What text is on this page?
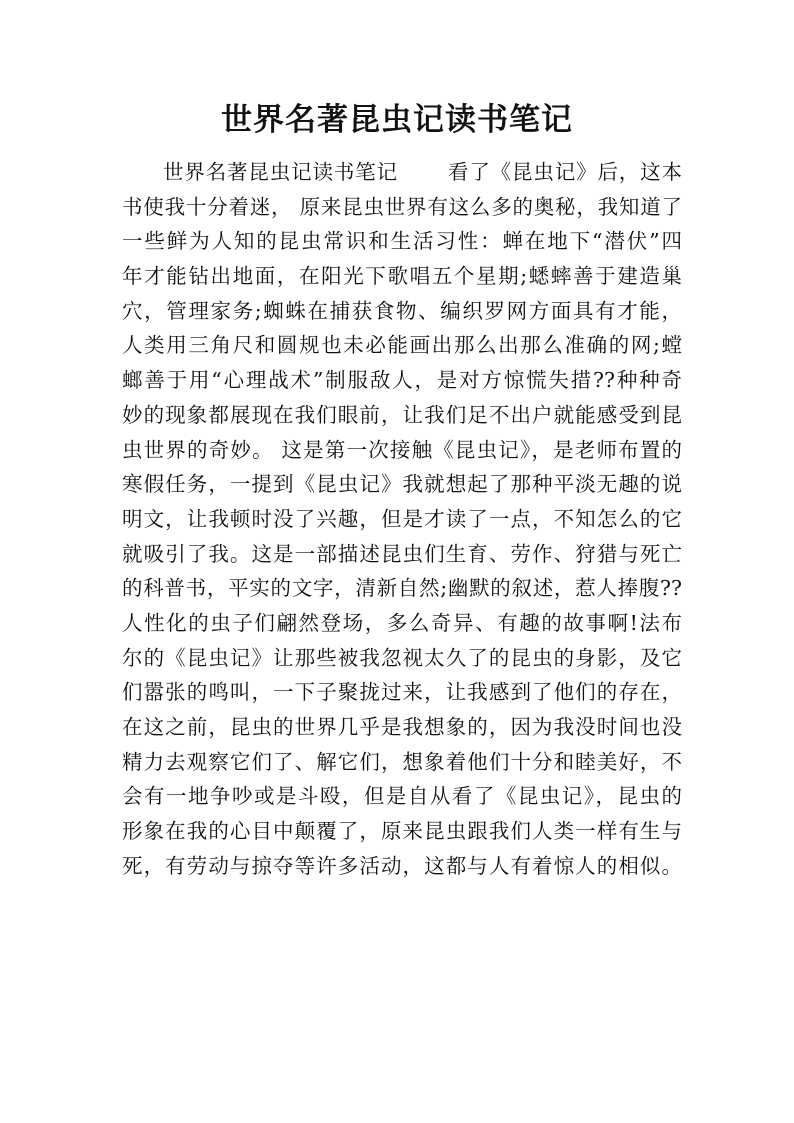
世界名著昆虫记读书笔记
世界名著昆虫记读书笔记　　 看了《昆虫记》后，这本
书使我十分着迷， 原来昆虫世界有这么多的奥秘，我知道了
一些鲜为人知的昆虫常识和生活习性：蝉在地下“潜伏”四
年才能钻出地面，在阳光下歌唱五个星期;蟋蟀善于建造巢
穴，管理家务;蜘蛛在捕获食物、编织罗网方面具有才能，
人类用三角尺和圆规也未必能画出那么出那么准确的网;螳
螂善于用“心理战术”制服敌人，是对方惊慌失措??种种奇
妙的现象都展现在我们眼前，让我们足不出户就能感受到昆
虫世界的奇妙。 这是第一次接触《昆虫记》，是老师布置的
寒假任务，一提到《昆虫记》我就想起了那种平淡无趣的说
明文，让我顿时没了兴趣，但是才读了一点，不知怎么的它
就吸引了我。这是一部描述昆虫们生育、劳作、狩猎与死亡
的科普书，平实的文字，清新自然;幽默的叙述，惹人捧腹??
人性化的虫子们翩然登场，多么奇异、有趣的故事啊!法布
尔的《昆虫记》让那些被我忽视太久了的昆虫的身影，及它
们嚣张的鸣叫，一下子聚拢过来，让我感到了他们的存在，
在这之前，昆虫的世界几乎是我想象的，因为我没时间也没
精力去观察它们了、解它们，想象着他们十分和睦美好，不
会有一地争吵或是斗殴，但是自从看了《昆虫记》，昆虫的
形象在我的心目中颠覆了，原来昆虫跟我们人类一样有生与
死，有劳动与掠夺等许多活动，这都与人有着惊人的相似。
